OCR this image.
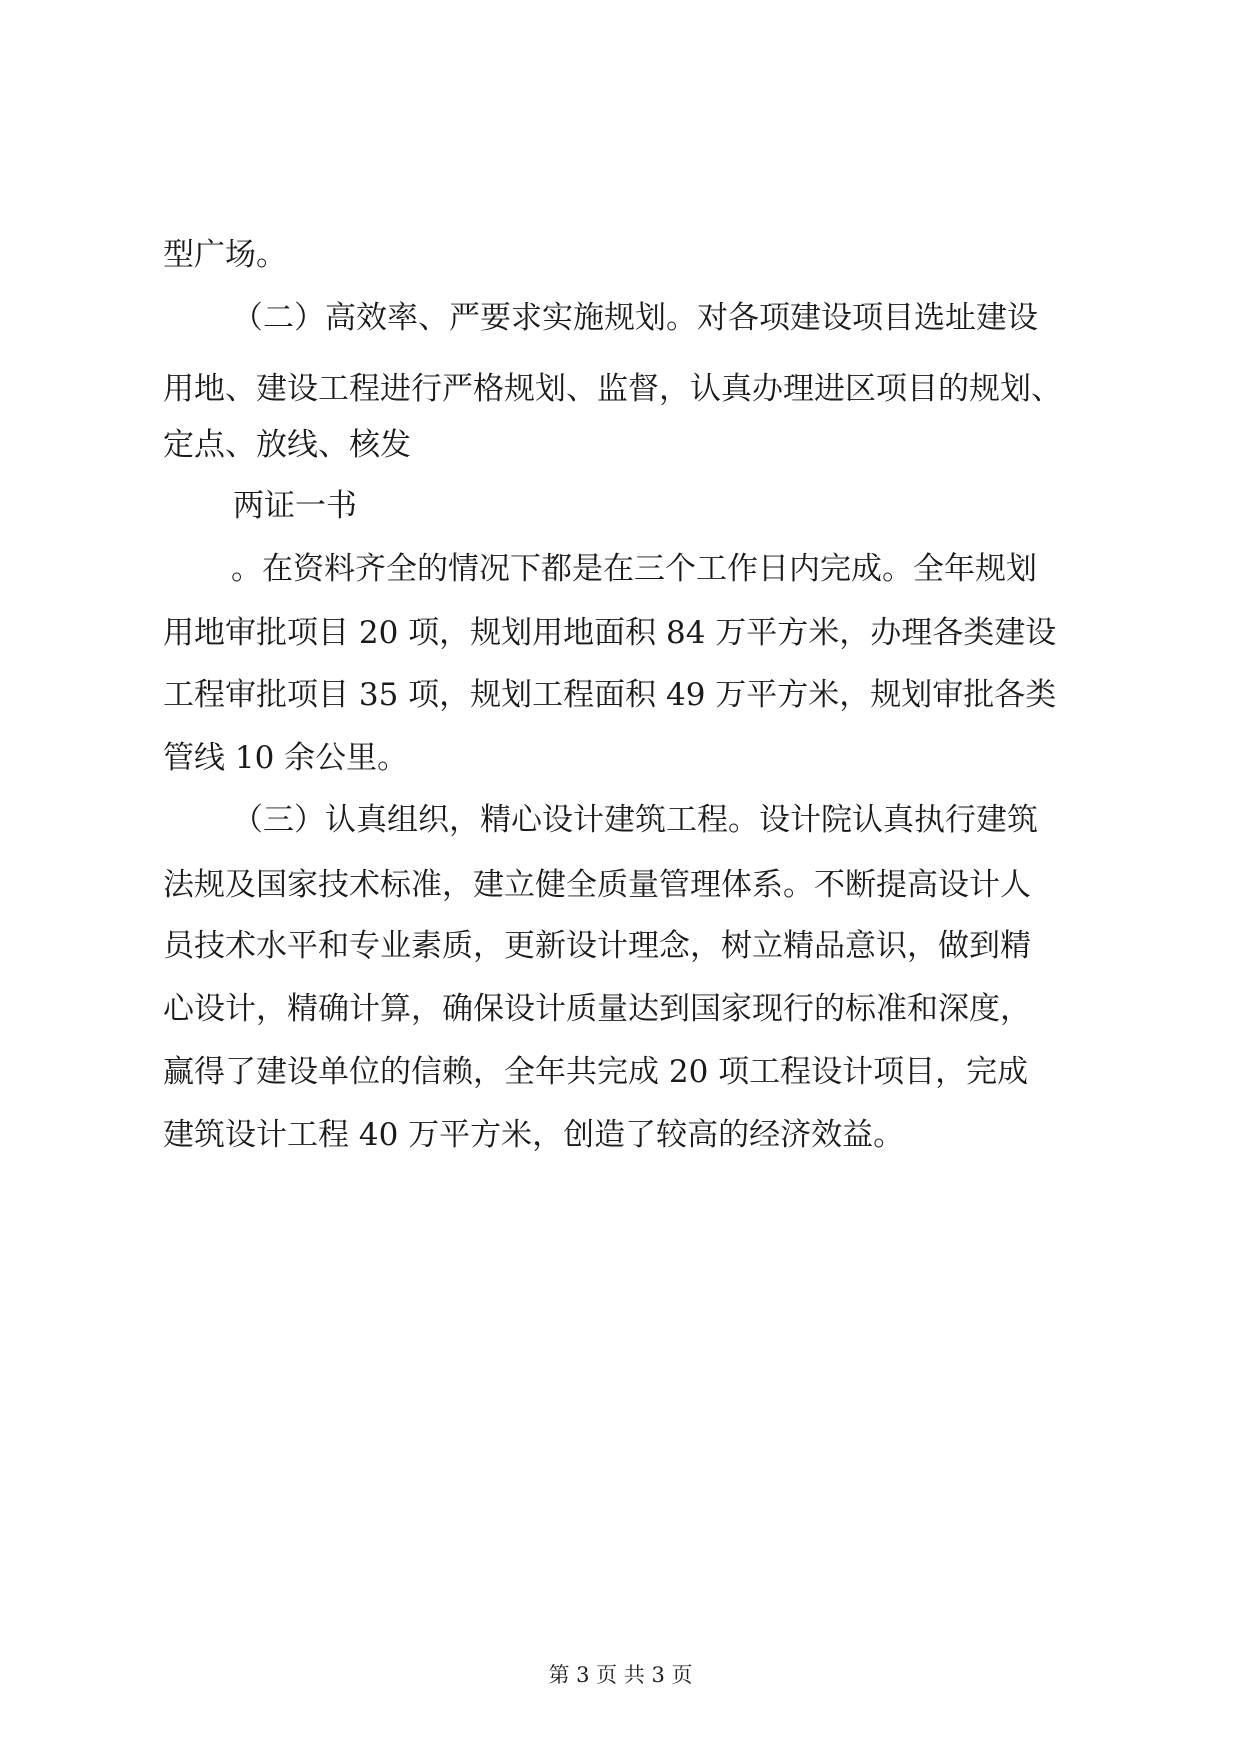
型广场。

（二）高效率、严要求实施规划。对各项建设项目选址建设

用地、建设工程进行严格规划、监督，认真办理进区项目的规划、

定点、放线、核发

两证一书

。在资料齐全的情况下都是在三个工作日内完成。全年规划

用地审批项目 20 项，规划用地面积 84 万平方米，办理各类建设

工程审批项目 35 项，规划工程面积 49 万平方米，规划审批各类

管线 10 余公里。

（三）认真组织，精心设计建筑工程。设计院认真执行建筑

法规及国家技术标准，建立健全质量管理体系。不断提高设计人

员技术水平和专业素质，更新设计理念，树立精品意识，做到精

心设计，精确计算，确保设计质量达到国家现行的标准和深度，

赢得了建设单位的信赖，全年共完成 20 项工程设计项目，完成

建筑设计工程 40 万平方米，创造了较高的经济效益。

第 3 页 共 3 页
